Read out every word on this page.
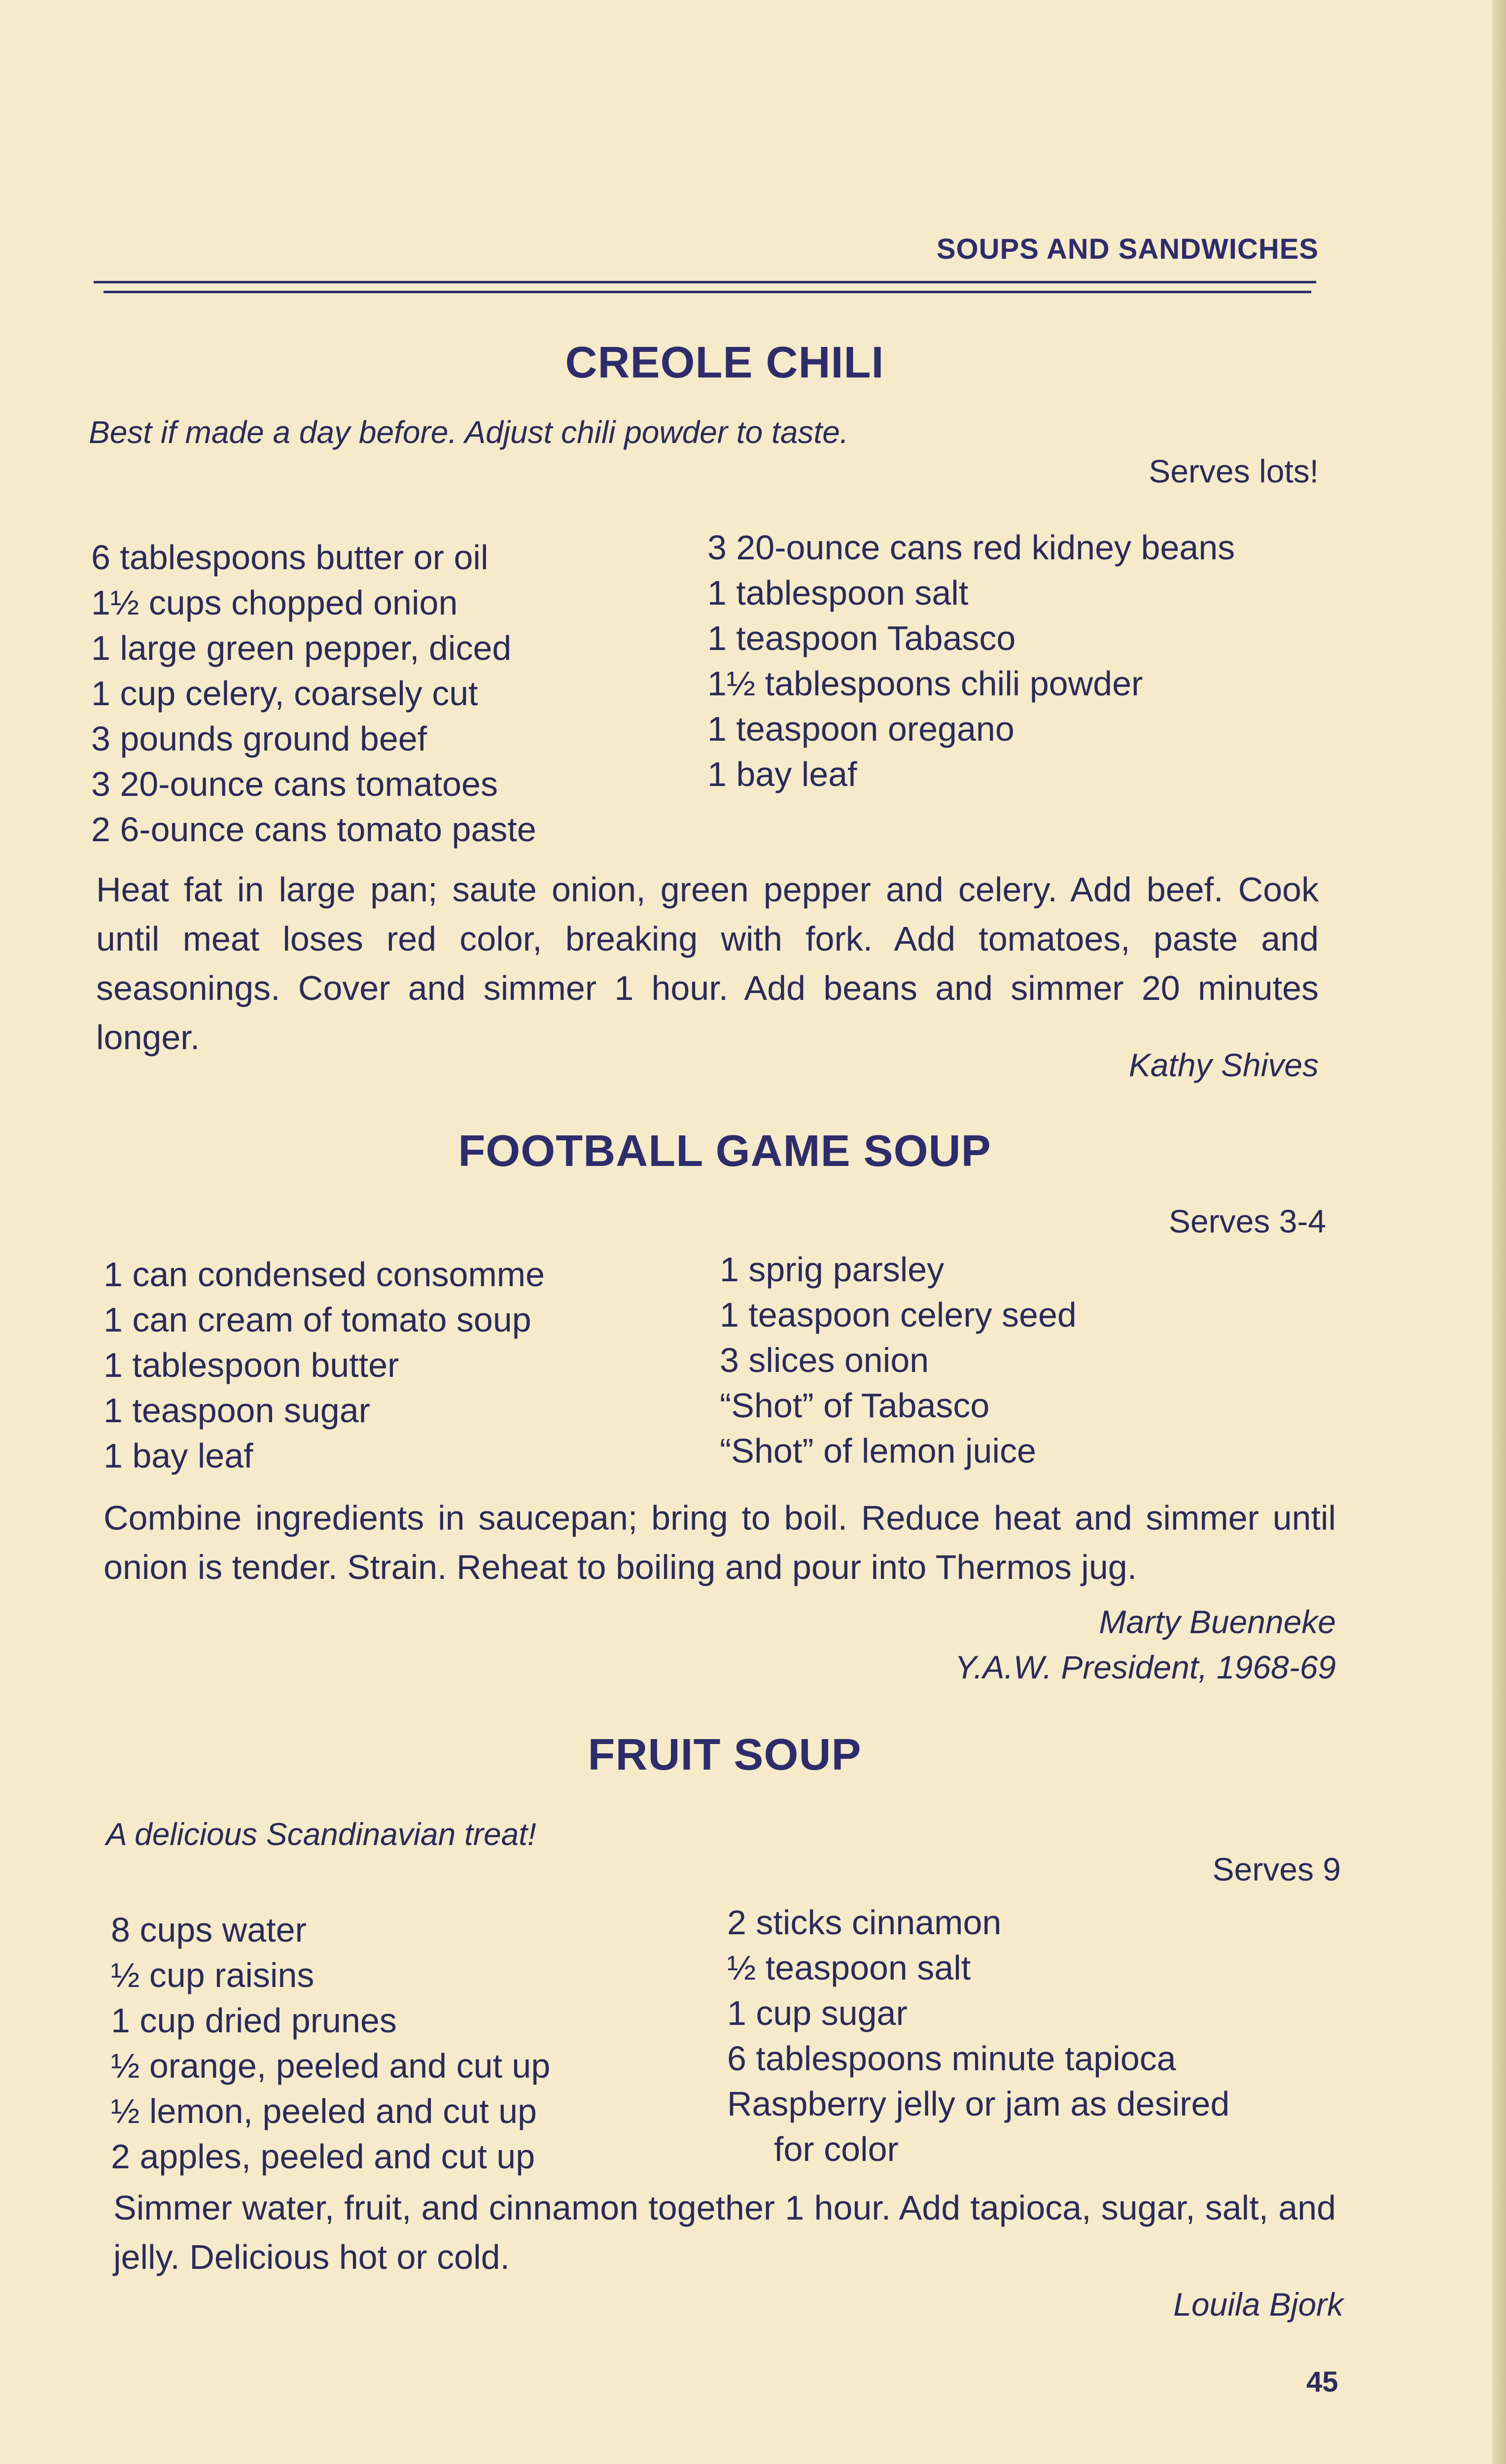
SOUPS AND SANDWICHES
CREOLE CHILI
Best if made a day before. Adjust chili powder to taste.
Serves lots!
6 tablespoons butter or oil
1½ cups chopped onion
1 large green pepper, diced
1 cup celery, coarsely cut
3 pounds ground beef
3 20-ounce cans tomatoes
2 6-ounce cans tomato paste
3 20-ounce cans red kidney beans
1 tablespoon salt
1 teaspoon Tabasco
1½ tablespoons chili powder
1 teaspoon oregano
1 bay leaf

Heat fat in large pan; saute onion, green pepper and celery. Add beef. Cook until meat loses red color, breaking with fork. Add tomatoes, paste and seasonings. Cover and simmer 1 hour. Add beans and simmer 20 minutes longer.

Kathy Shives
FOOTBALL GAME SOUP
Serves 3-4
1 can condensed consomme
1 can cream of tomato soup
1 tablespoon butter
1 teaspoon sugar
1 bay leaf
1 sprig parsley
1 teaspoon celery seed
3 slices onion
“Shot” of Tabasco
“Shot” of lemon juice

Combine ingredients in saucepan; bring to boil. Reduce heat and simmer until onion is tender. Strain. Reheat to boiling and pour into Thermos jug.

Marty Buenneke
Y.A.W. President, 1968-69
FRUIT SOUP
A delicious Scandinavian treat!
Serves 9
8 cups water
½ cup raisins
1 cup dried prunes
½ orange, peeled and cut up
½ lemon, peeled and cut up
2 apples, peeled and cut up
2 sticks cinnamon
½ teaspoon salt
1 cup sugar
6 tablespoons minute tapioca
Raspberry jelly or jam as desired
for color

Simmer water, fruit, and cinnamon together 1 hour. Add tapioca, sugar, salt, and jelly. Delicious hot or cold.

Louila Bjork
45
